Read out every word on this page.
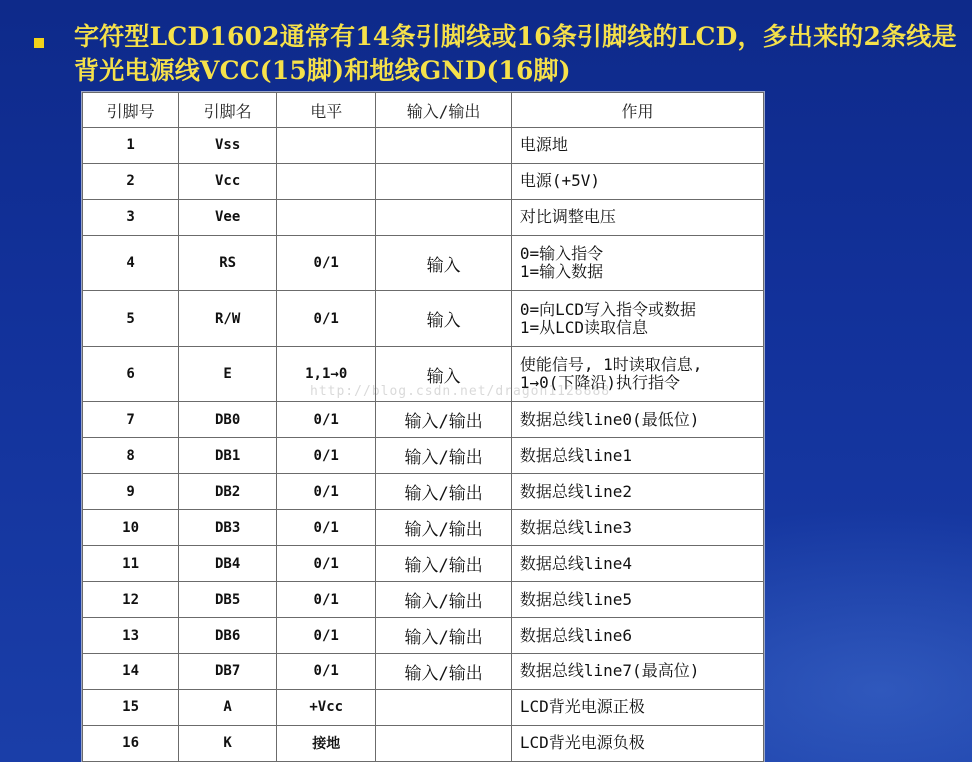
字符型LCD1602通常有14条引脚线或16条引脚线的LCD，多出来的2条线是背光电源线VCC(15脚)和地线GND(16脚)
引脚号	引脚名	电平	输入/输出	作用
1	Vss			电源地
2	Vcc			电源(+5V)
3	Vee			对比调整电压
4	RS	0/1	输入	0=输入指令
1=输入数据
5	R/W	0/1	输入	0=向LCD写入指令或数据
1=从LCD读取信息
6	E	1,1→0	输入	使能信号, 1时读取信息,
1→0(下降沿)执行指令
7	DB0	0/1	输入/输出	数据总线line0(最低位)
8	DB1	0/1	输入/输出	数据总线line1
9	DB2	0/1	输入/输出	数据总线line2
10	DB3	0/1	输入/输出	数据总线line3
11	DB4	0/1	输入/输出	数据总线line4
12	DB5	0/1	输入/输出	数据总线line5
13	DB6	0/1	输入/输出	数据总线line6
14	DB7	0/1	输入/输出	数据总线line7(最高位)
15	A	+Vcc		LCD背光电源正极
16	K	接地		LCD背光电源负极
http://blog.csdn.net/dragon1128888
